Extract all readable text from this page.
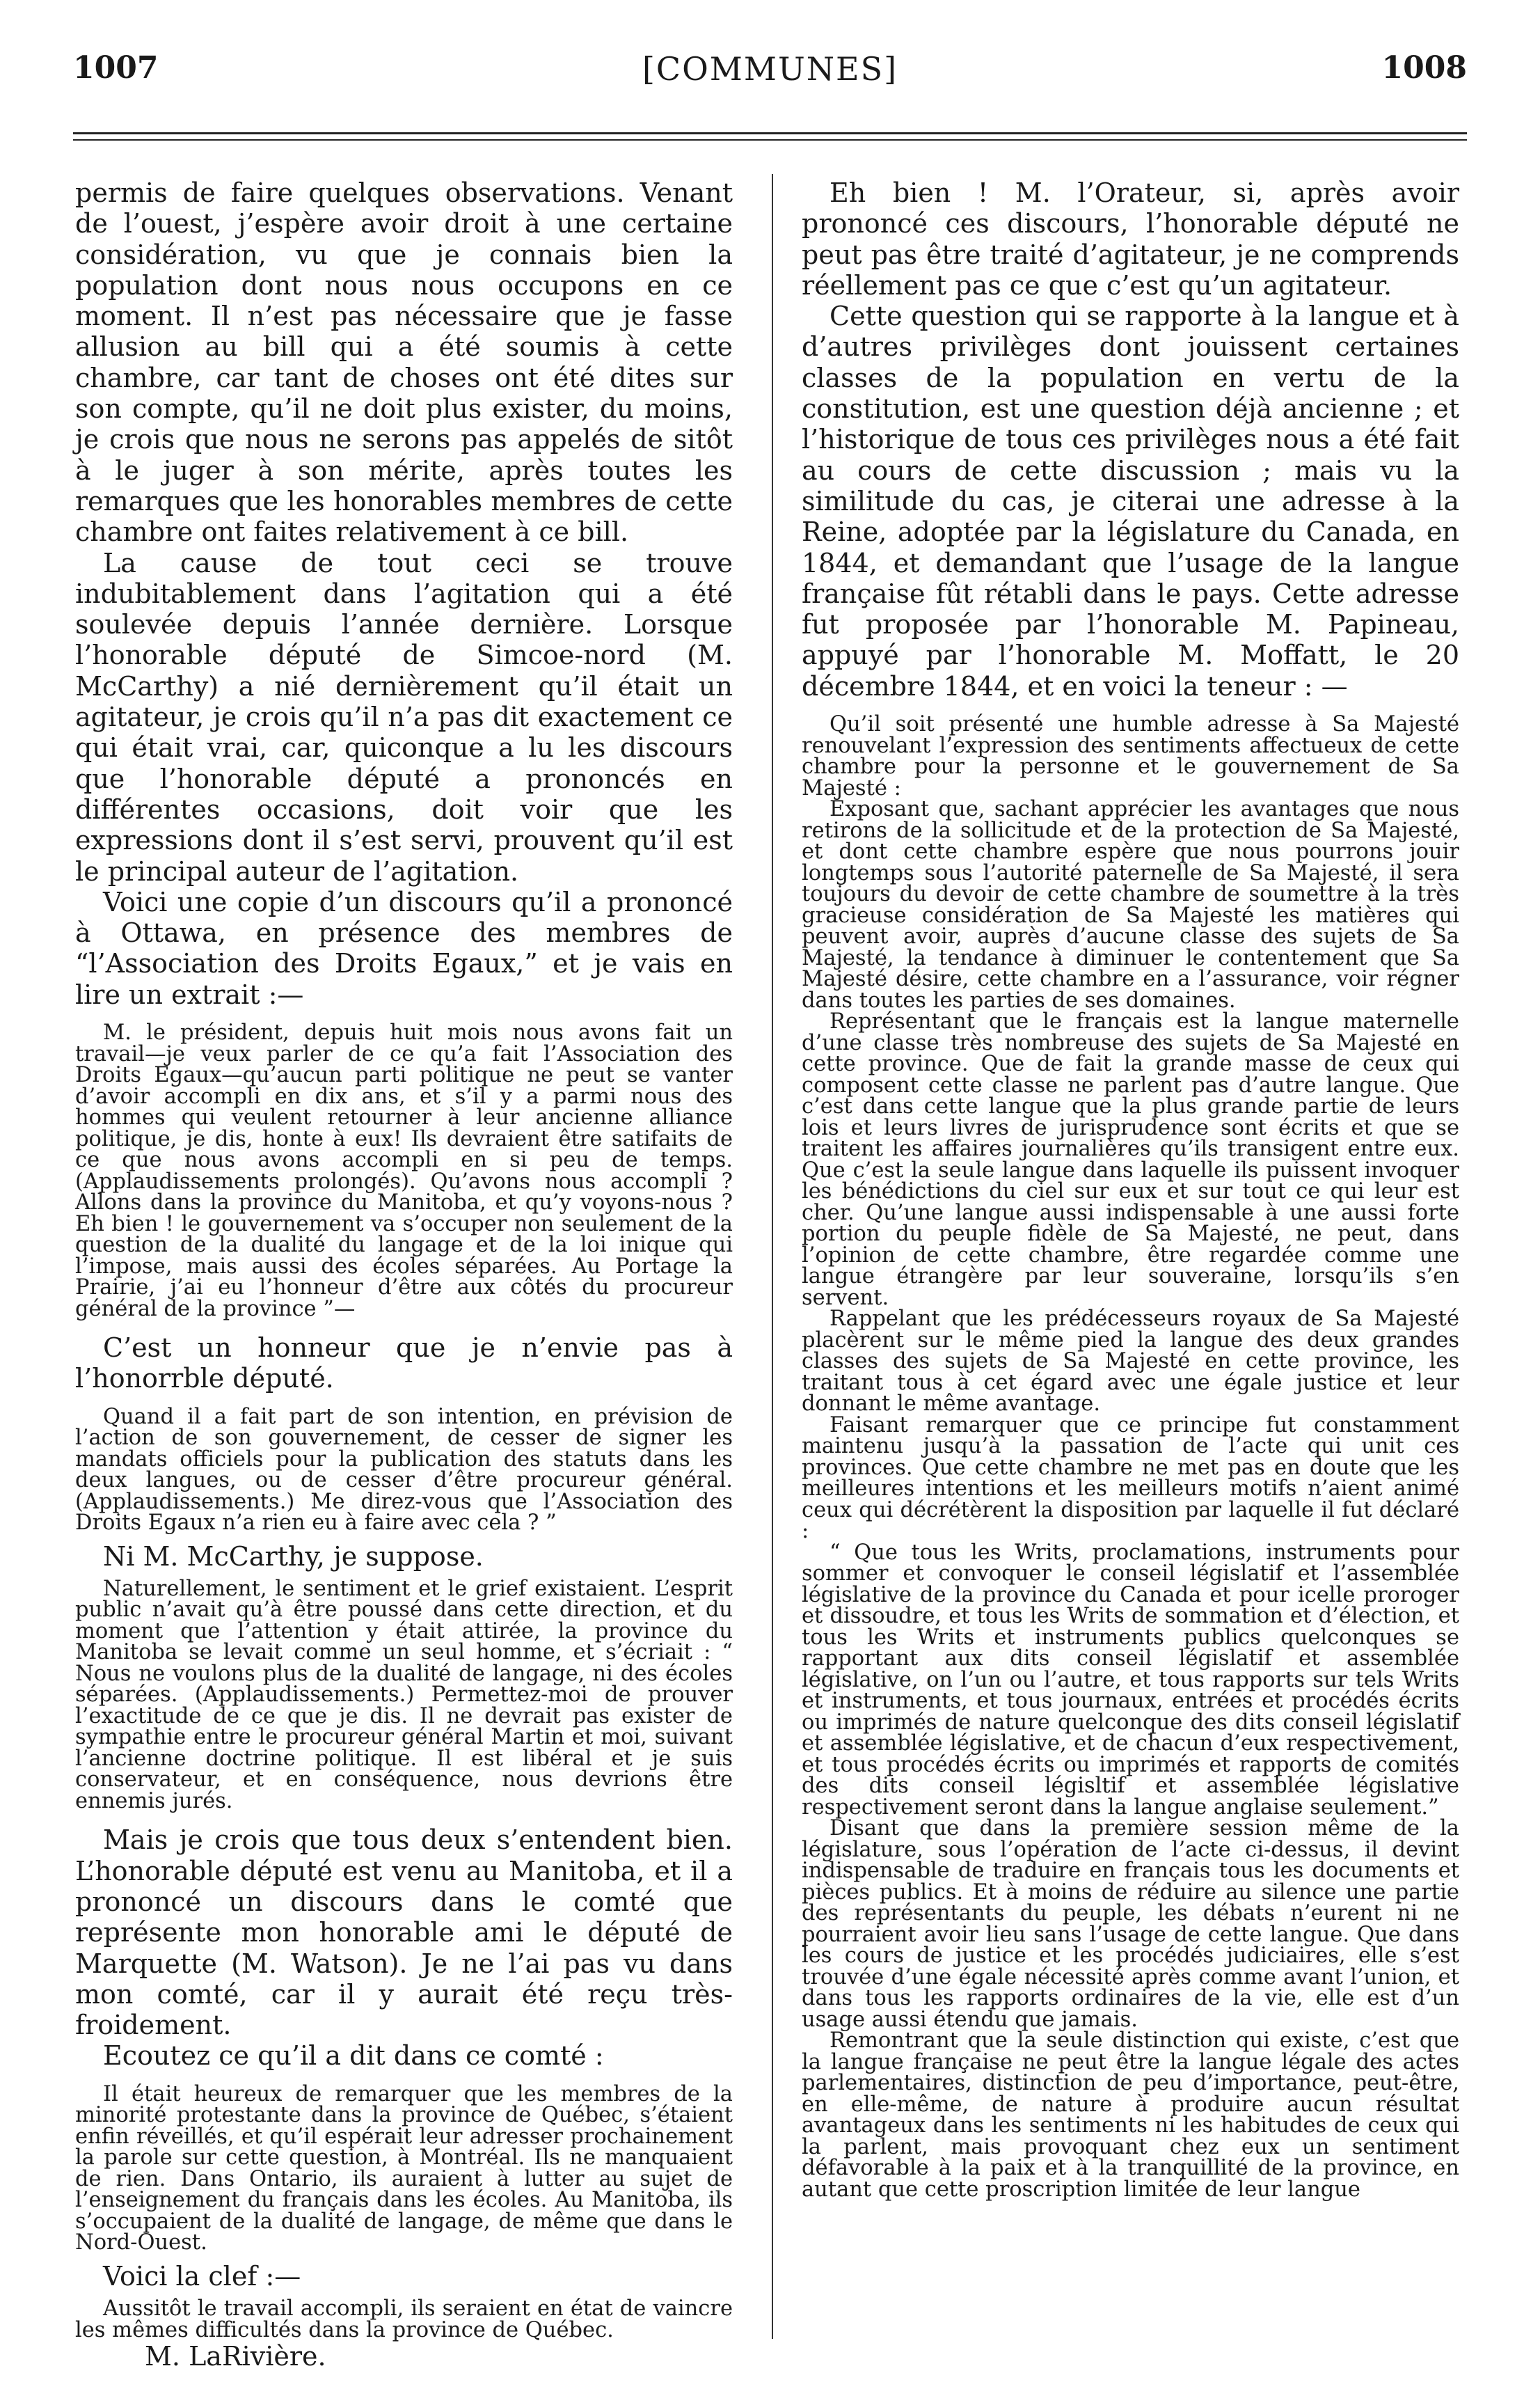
1007	[COMMUNES]	1008

permis de faire quelques observations. Venant de l’ouest, j’espère avoir droit à une certaine considération, vu que je connais bien la population dont nous nous occupons en ce moment. Il n’est pas nécessaire que je fasse allusion au bill qui a été soumis à cette chambre, car tant de choses ont été dites sur son compte, qu’il ne doit plus exister, du moins, je crois que nous ne serons pas appelés de sitôt à le juger à son mérite, après toutes les remarques que les honorables membres de cette chambre ont faites relativement à ce bill.

La cause de tout ceci se trouve indubitablement dans l’agitation qui a été soulevée depuis l’année dernière. Lorsque l’honorable député de Simcoe-nord (M. McCarthy) a nié dernièrement qu’il était un agitateur, je crois qu’il n’a pas dit exactement ce qui était vrai, car, quiconque a lu les discours que l’honorable député a prononcés en différentes occasions, doit voir que les expressions dont il s’est servi, prouvent qu’il est le principal auteur de l’agitation.

Voici une copie d’un discours qu’il a prononcé à Ottawa, en présence des membres de “l’Association des Droits Egaux,” et je vais en lire un extrait :—

M. le président, depuis huit mois nous avons fait un travail—je veux parler de ce qu’a fait l’Association des Droits Egaux—qu’aucun parti politique ne peut se vanter d’avoir accompli en dix ans, et s’il y a parmi nous des hommes qui veulent retourner à leur ancienne alliance politique, je dis, honte à eux! Ils devraient être satifaits de ce que nous avons accompli en si peu de temps. (Applaudissements prolongés). Qu’avons nous accompli ? Allons dans la province du Manitoba, et qu’y voyons-nous ? Eh bien ! le gouvernement va s’occuper non seulement de la question de la dualité du langage et de la loi inique qui l’impose, mais aussi des écoles séparées. Au Portage la Prairie, j’ai eu l’honneur d’être aux côtés du procureur général de la province ”—

C’est un honneur que je n’envie pas à l’honorrble député.

Quand il a fait part de son intention, en prévision de l’action de son gouvernement, de cesser de signer les mandats officiels pour la publication des statuts dans les deux langues, ou de cesser d’être procureur général. (Applaudissements.) Me direz-vous que l’Association des Droits Egaux n’a rien eu à faire avec cela ? ”

Ni M. McCarthy, je suppose.

Naturellement, le sentiment et le grief existaient. L’esprit public n’avait qu’à être poussé dans cette direction, et du moment que l’attention y était attirée, la province du Manitoba se levait comme un seul homme, et s’écriait : “ Nous ne voulons plus de la dualité de langage, ni des écoles séparées. (Applaudissements.) Permettez-moi de prouver l’exactitude de ce que je dis. Il ne devrait pas exister de sympathie entre le procureur général Martin et moi, suivant l’ancienne doctrine politique. Il est libéral et je suis conservateur, et en conséquence, nous devrions être ennemis jurés.

Mais je crois que tous deux s’entendent bien. L’honorable député est venu au Manitoba, et il a prononcé un discours dans le comté que représente mon honorable ami le député de Marquette (M. Watson). Je ne l’ai pas vu dans mon comté, car il y aurait été reçu très-froidement.

Ecoutez ce qu’il a dit dans ce comté :

Il était heureux de remarquer que les membres de la minorité protestante dans la province de Québec, s’étaient enfin réveillés, et qu’il espérait leur adresser prochainement la parole sur cette question, à Montréal. Ils ne manquaient de rien. Dans Ontario, ils auraient à lutter au sujet de l’enseignement du français dans les écoles. Au Manitoba, ils s’occupaient de la dualité de langage, de même que dans le Nord-Ouest.

Voici la clef :—

Aussitôt le travail accompli, ils seraient en état de vaincre les mêmes difficultés dans la province de Québec.

M. LaRivière.

Eh bien ! M. l’Orateur, si, après avoir prononcé ces discours, l’honorable député ne peut pas être traité d’agitateur, je ne comprends réellement pas ce que c’est qu’un agitateur.

Cette question qui se rapporte à la langue et à d’autres privilèges dont jouissent certaines classes de la population en vertu de la constitution, est une question déjà ancienne ; et l’historique de tous ces privilèges nous a été fait au cours de cette discussion ; mais vu la similitude du cas, je citerai une adresse à la Reine, adoptée par la législature du Canada, en 1844, et demandant que l’usage de la langue française fût rétabli dans le pays. Cette adresse fut proposée par l’honorable M. Papineau, appuyé par l’honorable M. Moffatt, le 20 décembre 1844, et en voici la teneur : —

Qu’il soit présenté une humble adresse à Sa Majesté renouvelant l’expression des sentiments affectueux de cette chambre pour la personne et le gouvernement de Sa Majesté :

Exposant que, sachant apprécier les avantages que nous retirons de la sollicitude et de la protection de Sa Majesté, et dont cette chambre espère que nous pourrons jouir longtemps sous l’autorité paternelle de Sa Majesté, il sera toujours du devoir de cette chambre de soumettre à la très gracieuse considération de Sa Majesté les matières qui peuvent avoir, auprès d’aucune classe des sujets de Sa Majesté, la tendance à diminuer le contentement que Sa Majesté désire, cette chambre en a l’assurance, voir régner dans toutes les parties de ses domaines.

Représentant que le français est la langue maternelle d’une classe très nombreuse des sujets de Sa Majesté en cette province. Que de fait la grande masse de ceux qui composent cette classe ne parlent pas d’autre langue. Que c’est dans cette langue que la plus grande partie de leurs lois et leurs livres de jurisprudence sont écrits et que se traitent les affaires journalières qu’ils transigent entre eux. Que c’est la seule langue dans laquelle ils puissent invoquer les bénédictions du ciel sur eux et sur tout ce qui leur est cher. Qu’une langue aussi indispensable à une aussi forte portion du peuple fidèle de Sa Majesté, ne peut, dans l’opinion de cette chambre, être regardée comme une langue étrangère par leur souveraine, lorsqu’ils s’en servent.

Rappelant que les prédécesseurs royaux de Sa Majesté placèrent sur le même pied la langue des deux grandes classes des sujets de Sa Majesté en cette province, les traitant tous à cet égard avec une égale justice et leur donnant le même avantage.

Faisant remarquer que ce principe fut constamment maintenu jusqu’à la passation de l’acte qui unit ces provinces. Que cette chambre ne met pas en doute que les meilleures intentions et les meilleurs motifs n’aient animé ceux qui décrétèrent la disposition par laquelle il fut déclaré :

“ Que tous les Writs, proclamations, instruments pour sommer et convoquer le conseil législatif et l’assemblée législative de la province du Canada et pour icelle proroger et dissoudre, et tous les Writs de sommation et d’élection, et tous les Writs et instruments publics quelconques se rapportant aux dits conseil législatif et assemblée législative, on l’un ou l’autre, et tous rapports sur tels Writs et instruments, et tous journaux, entrées et procédés écrits ou imprimés de nature quelconque des dits conseil législatif et assemblée législative, et de chacun d’eux respectivement, et tous procédés écrits ou imprimés et rapports de comités des dits conseil législtif et assemblée législative respectivement seront dans la langue anglaise seulement.”

Disant que dans la première session même de la législature, sous l’opération de l’acte ci-dessus, il devint indispensable de traduire en français tous les documents et pièces publics. Et à moins de réduire au silence une partie des représentants du peuple, les débats n’eurent ni ne pourraient avoir lieu sans l’usage de cette langue. Que dans les cours de justice et les procédés judiciaires, elle s’est trouvée d’une égale nécessité après comme avant l’union, et dans tous les rapports ordinaires de la vie, elle est d’un usage aussi étendu que jamais.

Remontrant que la seule distinction qui existe, c’est que la langue française ne peut être la langue légale des actes parlementaires, distinction de peu d’importance, peut-être, en elle-même, de nature à produire aucun résultat avantageux dans les sentiments ni les habitudes de ceux qui la parlent, mais provoquant chez eux un sentiment défavorable à la paix et à la tranquillité de la province, en autant que cette proscription limitée de leur langue
